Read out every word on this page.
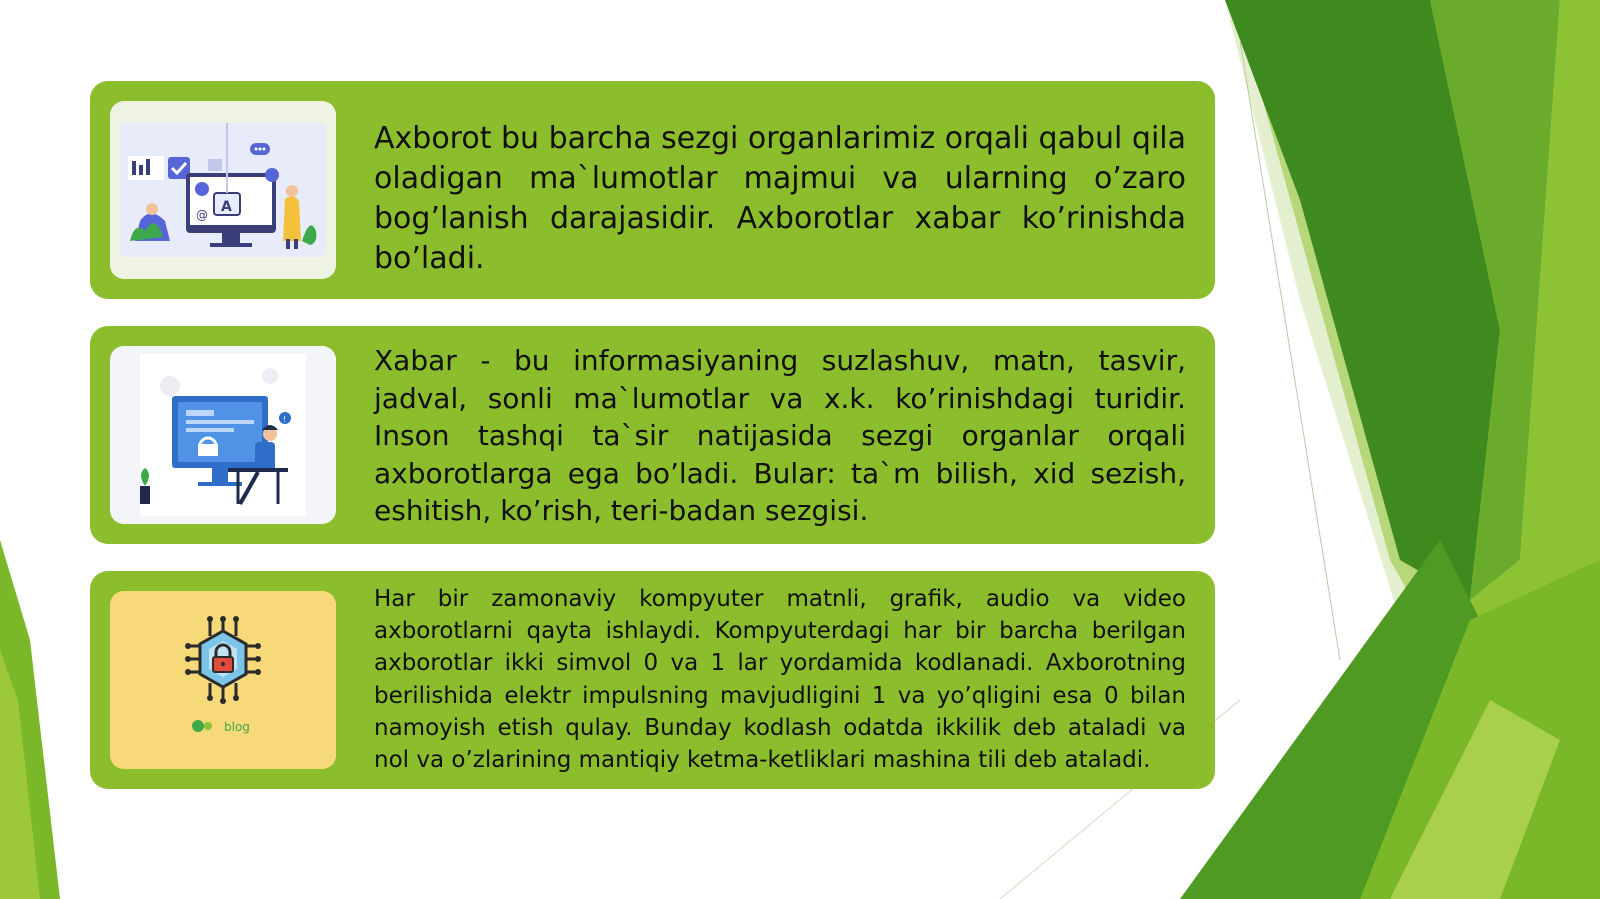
A
@

Axborot bu barcha sezgi organlarimiz orqali qabul qila oladigan ma`lumotlar majmui va ularning o’zaro bog’lanish darajasidir. Axborotlar xabar ko’rinishda bo’ladi.

!

Xabar - bu informasiyaning suzlashuv, matn, tasvir, jadval, sonli ma`lumotlar va x.k. ko’rinishdagi turidir. Inson tashqi ta`sir natijasida sezgi organlar orqali axborotlarga ega bo’ladi. Bular: ta`m bilish, xid sezish, eshitish, ko’rish, teri-badan sezgisi.

blog

Har bir zamonaviy kompyuter matnli, grafik, audio va video axborotlarni qayta ishlaydi. Kompyuterdagi har bir barcha berilgan axborotlar ikki simvol 0 va 1 lar yordamida kodlanadi. Axborotning berilishida elektr impulsning mavjudligini 1 va yo’qligini esa 0 bilan namoyish etish qulay. Bunday kodlash odatda ikkilik deb ataladi va nol va o’zlarining mantiqiy ketma-ketliklari mashina tili deb ataladi.
